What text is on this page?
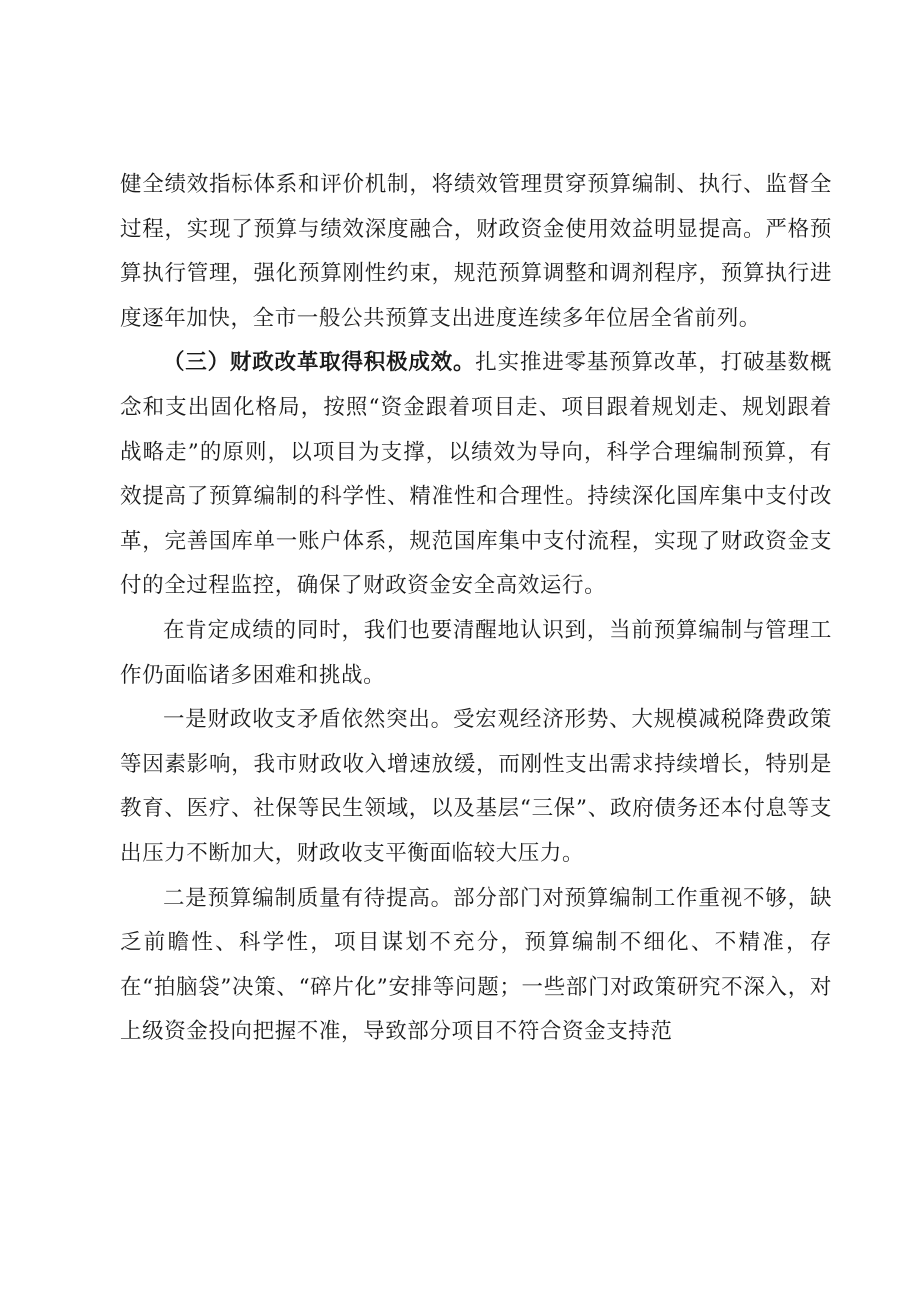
健全绩效指标体系和评价机制，将绩效管理贯穿预算编制、执行、监督全过程，实现了预算与绩效深度融合，财政资金使用效益明显提高。严格预算执行管理，强化预算刚性约束，规范预算调整和调剂程序，预算执行进度逐年加快，全市一般公共预算支出进度连续多年位居全省前列。

（三）财政改革取得积极成效。扎实推进零基预算改革，打破基数概念和支出固化格局，按照“资金跟着项目走、项目跟着规划走、规划跟着战略走”的原则，以项目为支撑，以绩效为导向，科学合理编制预算，有效提高了预算编制的科学性、精准性和合理性。持续深化国库集中支付改革，完善国库单一账户体系，规范国库集中支付流程，实现了财政资金支付的全过程监控，确保了财政资金安全高效运行。

在肯定成绩的同时，我们也要清醒地认识到，当前预算编制与管理工作仍面临诸多困难和挑战。

一是财政收支矛盾依然突出。受宏观经济形势、大规模减税降费政策等因素影响，我市财政收入增速放缓，而刚性支出需求持续增长，特别是教育、医疗、社保等民生领域，以及基层“三保”、政府债务还本付息等支出压力不断加大，财政收支平衡面临较大压力。

二是预算编制质量有待提高。部分部门对预算编制工作重视不够，缺乏前瞻性、科学性，项目谋划不充分，预算编制不细化、不精准，存在“拍脑袋”决策、“碎片化”安排等问题；一些部门对政策研究不深入，对上级资金投向把握不准，导致部分项目不符合资金支持范
